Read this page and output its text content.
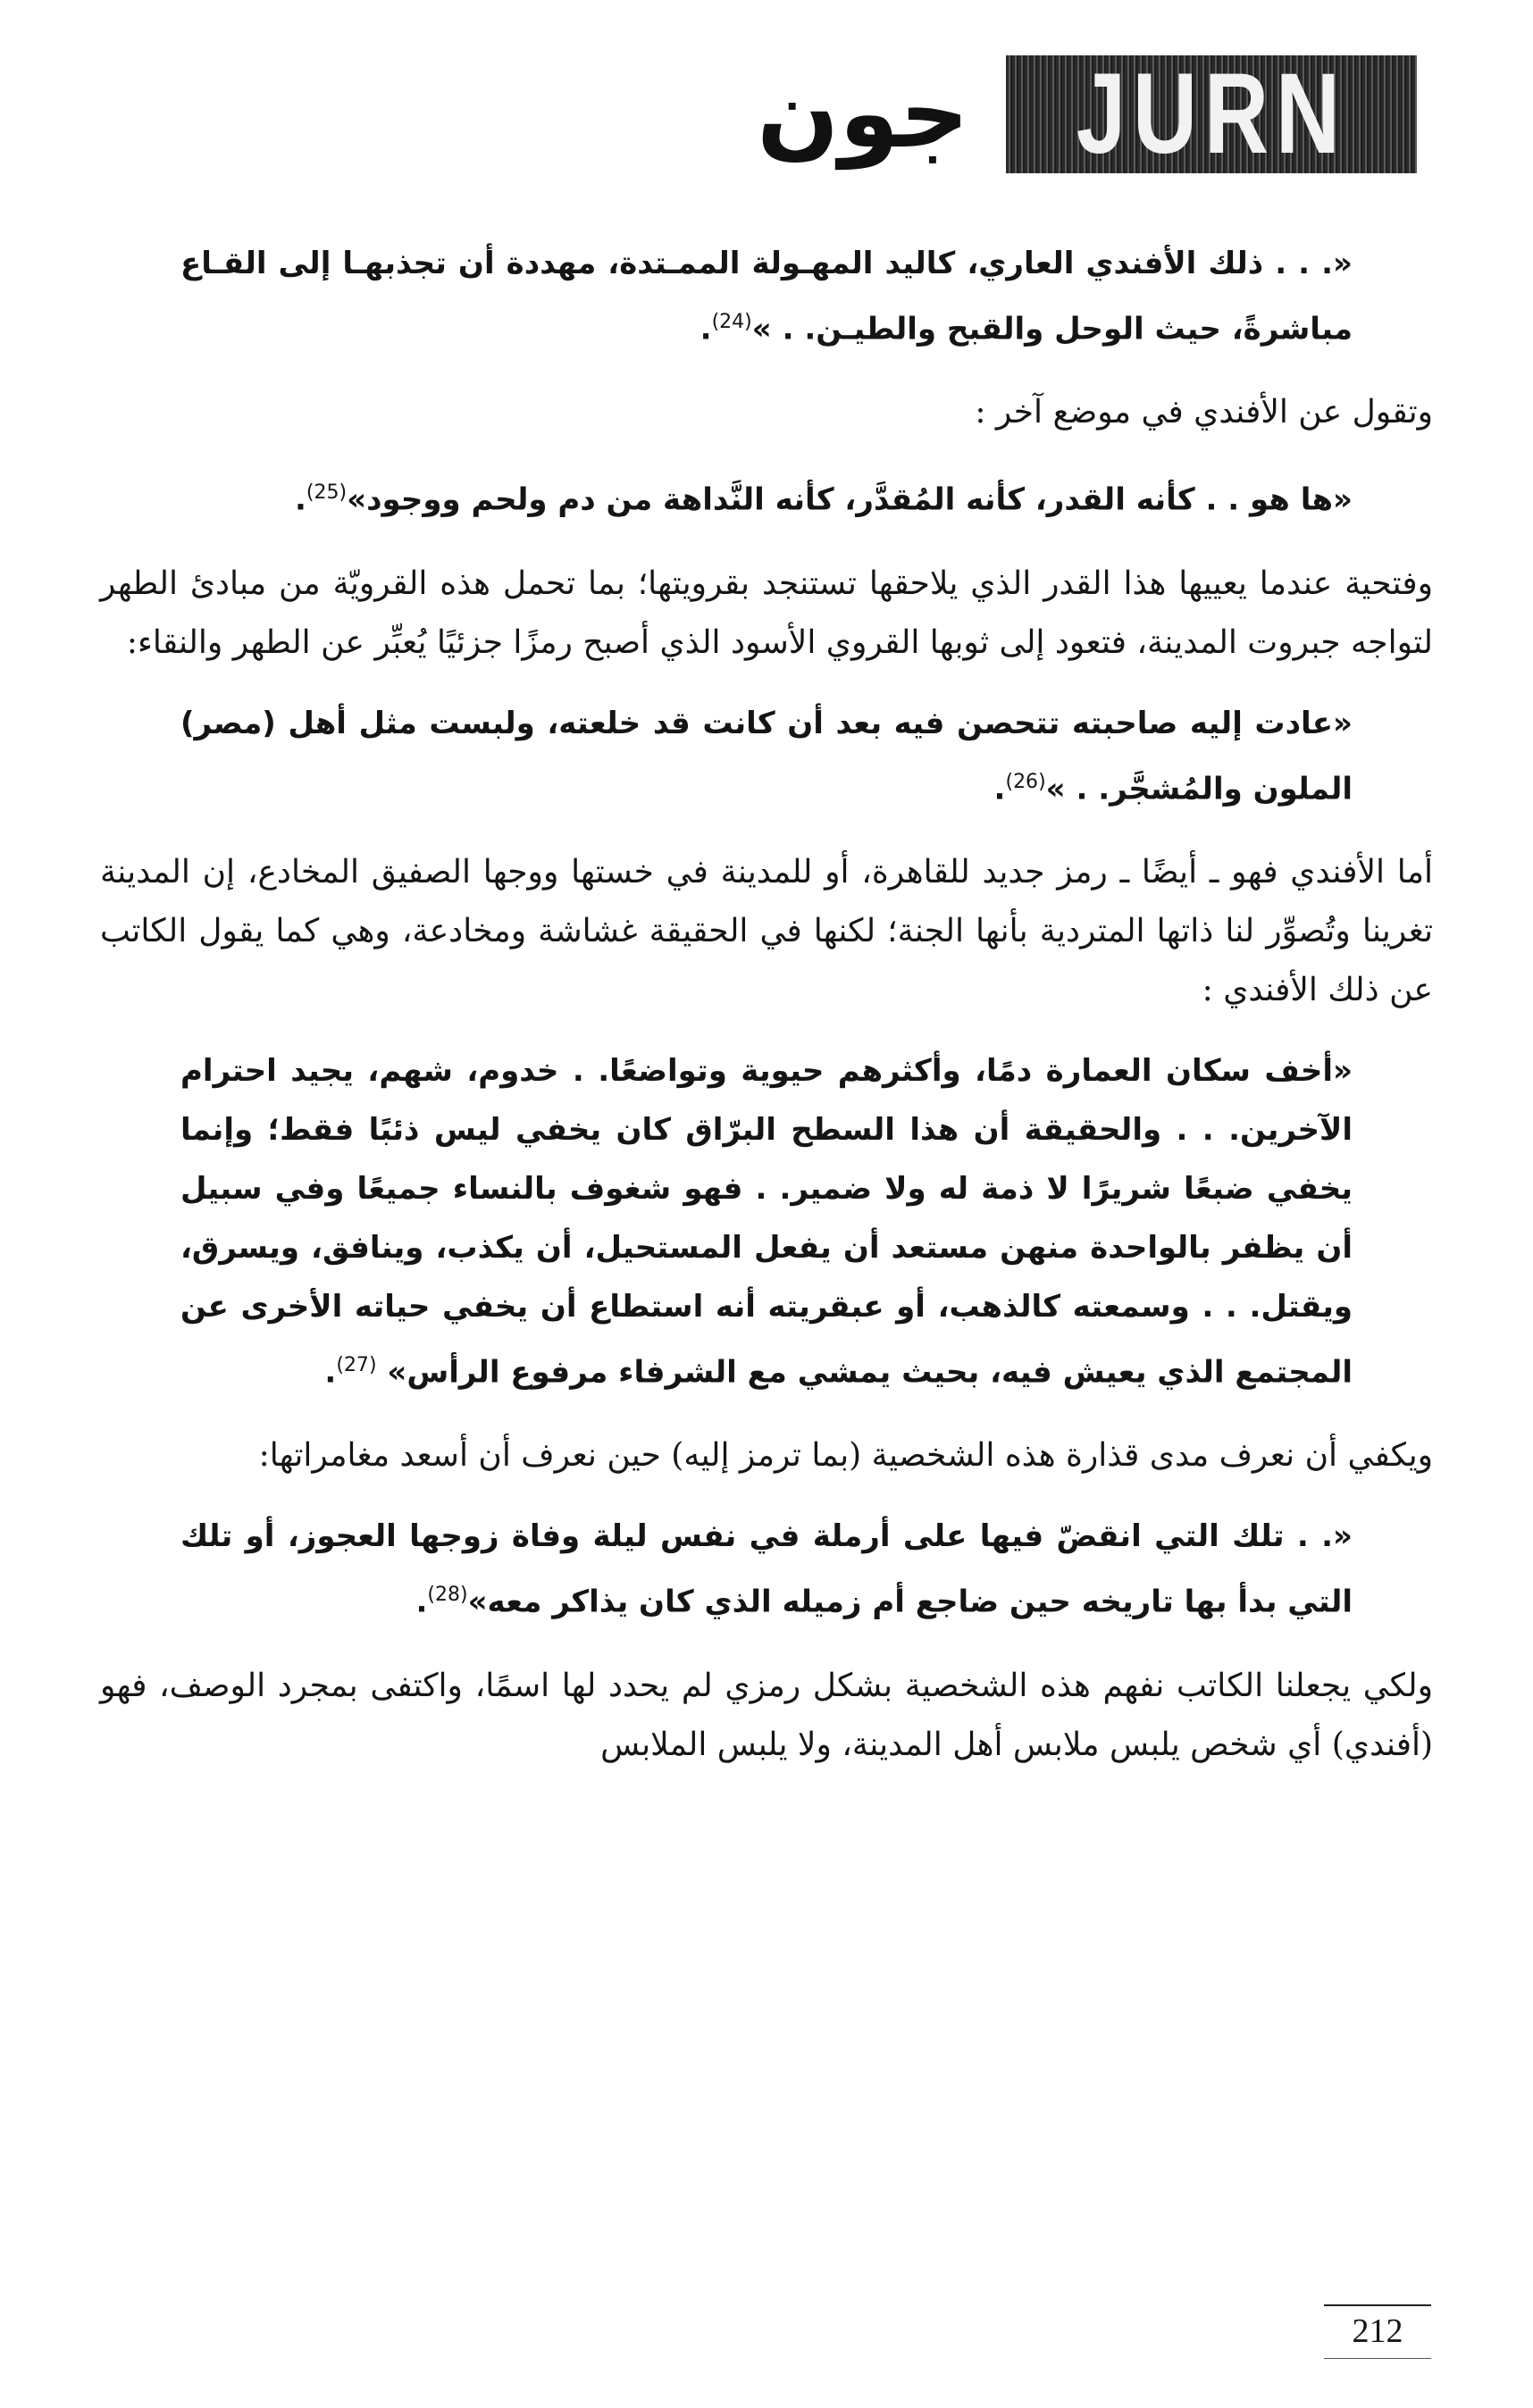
جون JURN

«. . . ذلك الأفندي العاري، كاليد المهـولة الممـتدة، مهددة أن تجذبهـا إلى القـاع مباشرةً، حيث الوحل والقبح والطيـن. . »$^{(24)}$.

وتقول عن الأفندي في موضع آخر :

«ها هو . . كأنه القدر، كأنه المُقدَّر، كأنه النَّداهة من دم ولحم ووجود»$^{(25)}$.

وفتحية عندما يعييها هذا القدر الذي يلاحقها تستنجد بقرويتها؛ بما تحمل هذه القرويّة من مبادئ الطهر لتواجه جبروت المدينة، فتعود إلى ثوبها القروي الأسود الذي أصبح رمزًا جزئيًا يُعبِّر عن الطهر والنقاء:

«عادت إليه صاحبته تتحصن فيه بعد أن كانت قد خلعته، ولبست مثل أهل (مصر) الملون والمُشجَّر. . »$^{(26)}$.

أما الأفندي فهو ـ أيضًا ـ رمز جديد للقاهرة، أو للمدينة في خستها ووجها الصفيق المخادع، إن المدينة تغرينا وتُصوِّر لنا ذاتها المتردية بأنها الجنة؛ لكنها في الحقيقة غشاشة ومخادعة، وهي كما يقول الكاتب عن ذلك الأفندي :

«أخف سكان العمارة دمًا، وأكثرهم حيوية وتواضعًا. . خدوم، شهم، يجيد احترام الآخرين. . . والحقيقة أن هذا السطح البرّاق كان يخفي ليس ذئبًا فقط؛ وإنما يخفي ضبعًا شريرًا لا ذمة له ولا ضمير. . فهو شغوف بالنساء جميعًا وفي سبيل أن يظفر بالواحدة منهن مستعد أن يفعل المستحيل، أن يكذب، وينافق، ويسرق، ويقتل. . . وسمعته كالذهب، أو عبقريته أنه استطاع أن يخفي حياته الأخرى عن المجتمع الذي يعيش فيه، بحيث يمشي مع الشرفاء مرفوع الرأس» $^{(27)}$.

ويكفي أن نعرف مدى قذارة هذه الشخصية (بما ترمز إليه) حين نعرف أن أسعد مغامراتها:

«. . تلك التي انقضّ فيها على أرملة في نفس ليلة وفاة زوجها العجوز، أو تلك التي بدأ بها تاريخه حين ضاجع أم زميله الذي كان يذاكر معه»$^{(28)}$.

ولكي يجعلنا الكاتب نفهم هذه الشخصية بشكل رمزي لم يحدد لها اسمًا، واكتفى بمجرد الوصف، فهو (أفندي) أي شخص يلبس ملابس أهل المدينة، ولا يلبس الملابس

212
